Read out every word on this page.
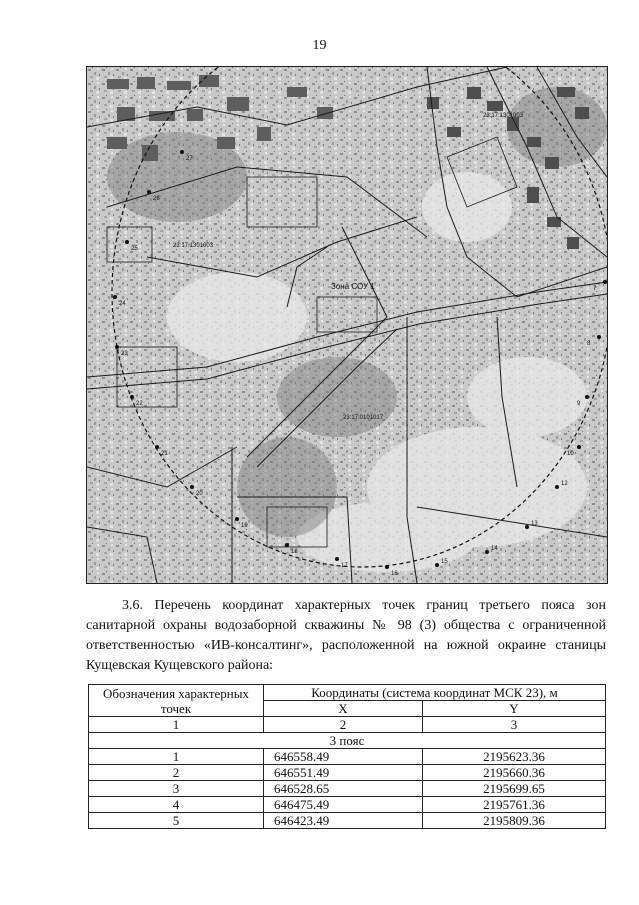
19
12
13
14
15
16
17
18
19
20
21
22
23
24
25
26
27
9
8
10
7
Зона СОУ 1
23:17:1301003
23:17:1301003
23:17:0101017
3.6. Перечень координат характерных точек границ третьего пояса зон санитарной охраны водозаборной скважины № 98 (3) общества с ограниченной ответственностью «ИВ-консалтинг», расположенной на южной окраине станицы Кущевская Кущевского района:
Обозначения характерных точек	Координаты (система координат МСК 23), м	
	X	Y
1	2	3
3 пояс		
1	646558.49	2195623.36
2	646551.49	2195660.36
3	646528.65	2195699.65
4	646475.49	2195761.36
5	646423.49	2195809.36
